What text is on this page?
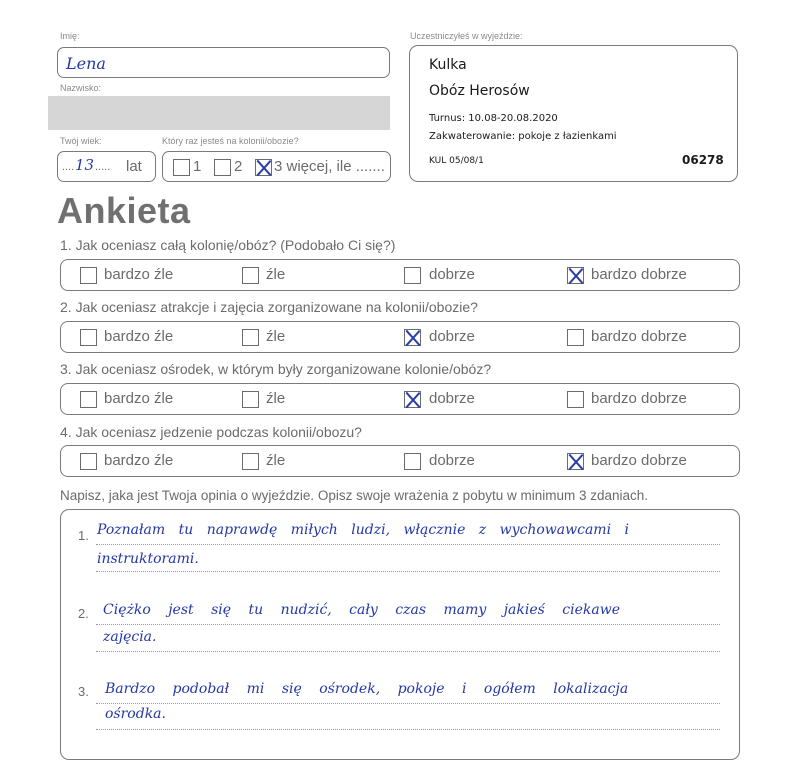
Imię:
Lena
Nazwisko:
Twój wiek:
.... 13 ..... lat
Który raz jesteś na kolonii/obozie?
1 2 3 więcej, ile .......
Uczestniczyłeś w wyjeździe:
Kulka
Obóz Herosów
Turnus: 10.08-20.08.2020
Zakwaterowanie: pokoje z łazienkami
KUL 05/08/1	06278
Ankieta
1. Jak oceniasz całą kolonię/obóz? (Podobało Ci się?)
bardzo źle	źle	dobrze	bardzo dobrze
2. Jak oceniasz atrakcje i zajęcia zorganizowane na kolonii/obozie?
bardzo źle	źle	dobrze	bardzo dobrze
3. Jak oceniasz ośrodek, w którym były zorganizowane kolonie/obóz?
bardzo źle	źle	dobrze	bardzo dobrze
4. Jak oceniasz jedzenie podczas kolonii/obozu?
bardzo źle	źle	dobrze	bardzo dobrze
Napisz, jaka jest Twoja opinia o wyjeździe. Opisz swoje wrażenia z pobytu w minimum 3 zdaniach.
1. Poznałam tu naprawdę miłych ludzi, włącznie z wychowawcami i
instruktorami.
2. Ciężko jest się tu nudzić, cały czas mamy jakieś ciekawe
zajęcia.
3. Bardzo podobał mi się ośrodek, pokoje i ogółem lokalizacja
ośrodka.
